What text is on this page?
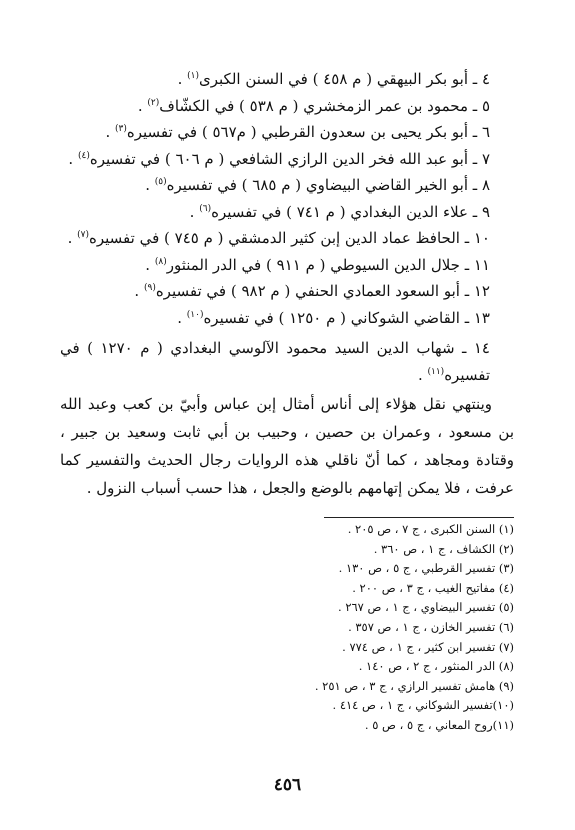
٤ ـ أبو بكر البيهقي ( م ٤٥٨ ) في السنن الكبرى$^{(١)}$ .
٥ ـ محمود بن عمر الزمخشري ( م ٥٣٨ ) في الكشّاف$^{(٢)}$ .
٦ ـ أبو بكر يحيى بن سعدون القرطبي ( م٥٦٧ ) في تفسيره$^{(٣)}$ .
٧ ـ أبو عبد الله فخر الدين الرازي الشافعي ( م ٦٠٦ ) في تفسيره$^{(٤)}$ .
٨ ـ أبو الخير القاضي البيضاوي ( م ٦٨٥ ) في تفسيره$^{(٥)}$ .
٩ ـ علاء الدين البغدادي ( م ٧٤١ ) في تفسيره$^{(٦)}$ .
١٠ ـ الحافظ عماد الدين إبن كثير الدمشقي ( م ٧٤٥ ) في تفسيره$^{(٧)}$ .
١١ ـ جلال الدين السيوطي ( م ٩١١ ) في الدر المنثور$^{(٨)}$ .
١٢ ـ أبو السعود العمادي الحنفي ( م ٩٨٢ ) في تفسيره$^{(٩)}$ .
١٣ ـ القاضي الشوكاني ( م ١٢٥٠ ) في تفسيره$^{(١٠)}$ .
١٤ ـ شهاب الدين السيد محمود الآلوسي البغدادي ( م ١٢٧٠ ) في تفسيره$^{(١١)}$ .

وينتهي نقل هؤلاء إلى أناس أمثال إبن عباس وأبيّ بن كعب وعبد الله بن مسعود ، وعمران بن حصين ، وحبيب بن أبي ثابت وسعيد بن جبير ، وقتادة ومجاهد ، كما أنّ ناقلي هذه الروايات رجال الحديث والتفسير كما عرفت ، فلا يمكن إتهامهم بالوضع والجعل ، هذا حسب أسباب النزول .

(١) السنن الكبرى ، ج ٧ ، ص ٢٠٥ .
(٢) الكشاف ، ج ١ ، ص ٣٦٠ .
(٣) تفسير القرطبي ، ج ٥ ، ص ١٣٠ .
(٤) مفاتيح الغيب ، ج ٣ ، ص ٢٠٠ .
(٥) تفسير البيضاوي ، ج ١ ، ص ٢٦٧ .
(٦) تفسير الخازن ، ج ١ ، ص ٣٥٧ .
(٧) تفسير ابن كثير ، ج ١ ، ص ٧٧٤ .
(٨) الدر المنثور ، ج ٢ ، ص ١٤٠ .
(٩) هامش تفسير الرازي ، ج ٣ ، ص ٢٥١ .
(١٠)تفسير الشوكاني ، ج ١ ، ص ٤١٤ .
(١١)روح المعاني ، ج ٥ ، ص ٥ .
٤٥٦
